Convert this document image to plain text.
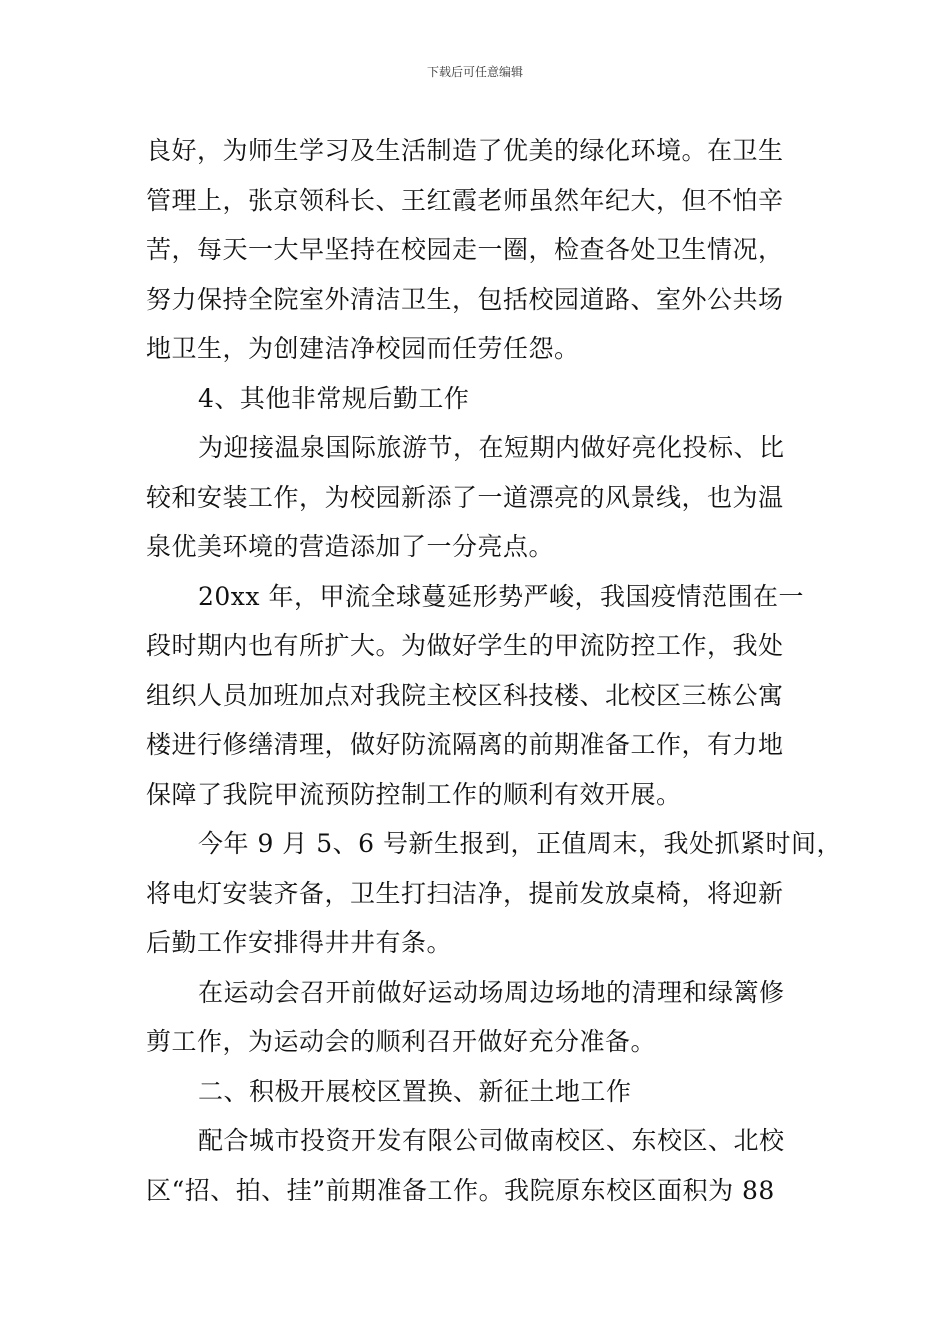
下载后可任意编辑
良好，为师生学习及生活制造了优美的绿化环境。在卫生
管理上，张京领科长、王红霞老师虽然年纪大，但不怕辛
苦，每天一大早坚持在校园走一圈，检查各处卫生情况，
努力保持全院室外清洁卫生，包括校园道路、室外公共场
地卫生，为创建洁净校园而任劳任怨。
4、其他非常规后勤工作
为迎接温泉国际旅游节，在短期内做好亮化投标、比
较和安装工作，为校园新添了一道漂亮的风景线，也为温
泉优美环境的营造添加了一分亮点。
20xx 年，甲流全球蔓延形势严峻，我国疫情范围在一
段时期内也有所扩大。为做好学生的甲流防控工作，我处
组织人员加班加点对我院主校区科技楼、北校区三栋公寓
楼进行修缮清理，做好防流隔离的前期准备工作，有力地
保障了我院甲流预防控制工作的顺利有效开展。
今年 9 月 5、6 号新生报到，正值周末，我处抓紧时间，
将电灯安装齐备，卫生打扫洁净，提前发放桌椅，将迎新
后勤工作安排得井井有条。
在运动会召开前做好运动场周边场地的清理和绿篱修
剪工作，为运动会的顺利召开做好充分准备。
二、积极开展校区置换、新征土地工作
配合城市投资开发有限公司做南校区、东校区、北校
区“招、拍、挂”前期准备工作。我院原东校区面积为 88
